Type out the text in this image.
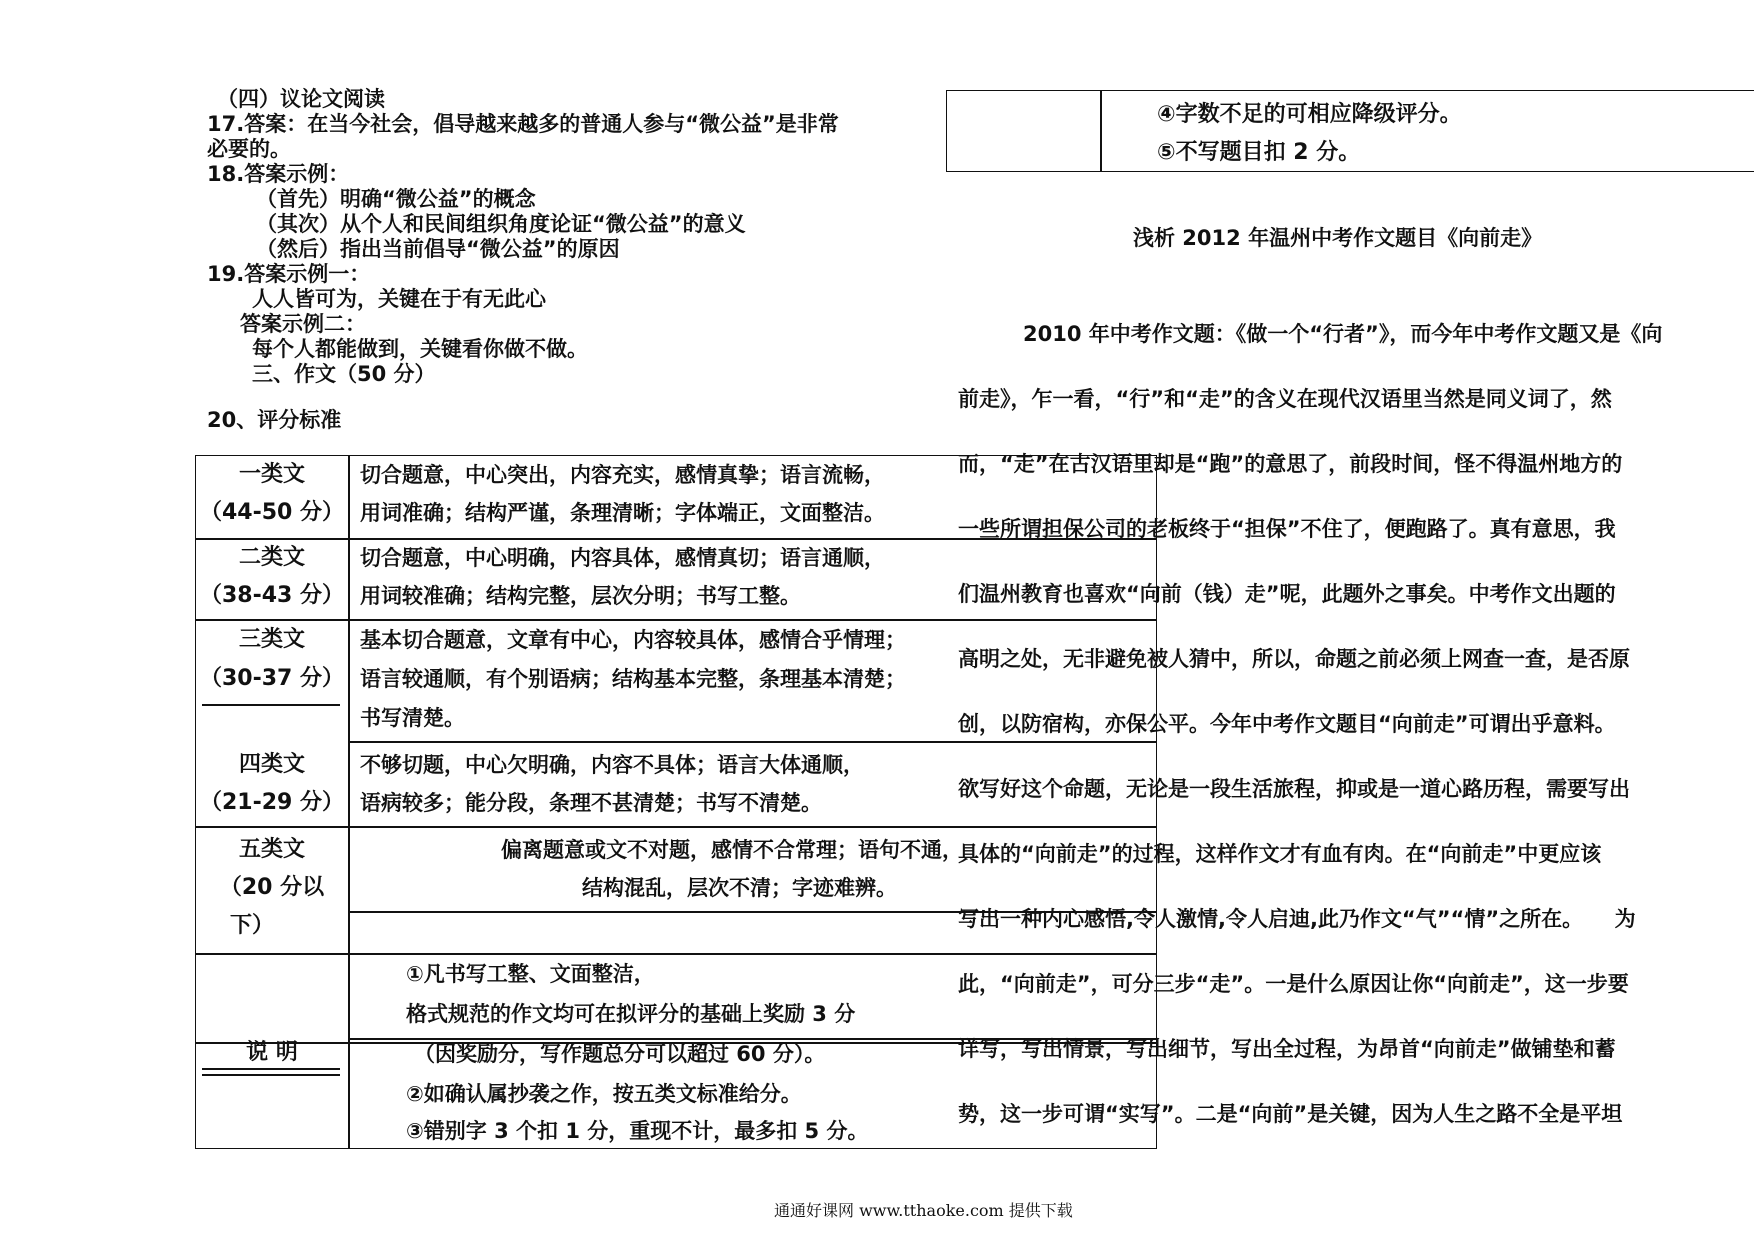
（四）议论文阅读
17.答案：在当今社会，倡导越来越多的普通人参与“微公益”是非常
必要的。
18.答案示例：
（首先）明确“微公益”的概念
（其次）从个人和民间组织角度论证“微公益”的意义
（然后）指出当前倡导“微公益”的原因
19.答案示例一：
人人皆可为，关键在于有无此心
答案示例二：
每个人都能做到，关键看你做不做。
三、作文（50 分）
20、评分标准
一类文
（44-50 分）
切合题意，中心突出，内容充实，感情真挚；语言流畅，
用词准确；结构严谨，条理清晰；字体端正，文面整洁。
二类文
（38-43 分）
切合题意，中心明确，内容具体，感情真切；语言通顺，
用词较准确；结构完整，层次分明；书写工整。
三类文
（30-37 分）
基本切合题意，文章有中心，内容较具体，感情合乎情理；
语言较通顺，有个别语病；结构基本完整，条理基本清楚；
书写清楚。
四类文
（21-29 分）
不够切题，中心欠明确，内容不具体；语言大体通顺，
语病较多；能分段，条理不甚清楚；书写不清楚。
五类文
（20 分以
下）
偏离题意或文不对题，感情不合常理；语句不通，
结构混乱，层次不清；字迹难辨。
说 明
①凡书写工整、文面整洁，
格式规范的作文均可在拟评分的基础上奖励 3 分
（因奖励分，写作题总分可以超过 60 分）。
②如确认属抄袭之作，按五类文标准给分。
③错别字 3 个扣 1 分，重现不计，最多扣 5 分。
④字数不足的可相应降级评分。
⑤不写题目扣 2 分。
浅析 2012 年温州中考作文题目《向前走》
2010 年中考作文题：《做一个“行者”》，而今年中考作文题又是《向
前走》，乍一看，“行”和“走”的含义在现代汉语里当然是同义词了，然
而，“走”在古汉语里却是“跑”的意思了，前段时间，怪不得温州地方的
一些所谓担保公司的老板终于“担保”不住了，便跑路了。真有意思，我
们温州教育也喜欢“向前（钱）走”呢，此题外之事矣。中考作文出题的
高明之处，无非避免被人猜中，所以，命题之前必须上网查一查，是否原
创，以防宿构，亦保公平。今年中考作文题目“向前走”可谓出乎意料。
欲写好这个命题，无论是一段生活旅程，抑或是一道心路历程，需要写出
具体的“向前走”的过程，这样作文才有血有肉。在“向前走”中更应该
写出一种内心感悟,令人激情,令人启迪,此乃作文“气”“情”之所在。　　为
此，“向前走”，可分三步“走”。一是什么原因让你“向前走”，这一步要
详写，写出情景，写出细节，写出全过程，为昂首“向前走”做铺垫和蓄
势，这一步可谓“实写”。二是“向前”是关键，因为人生之路不全是平坦
通通好课网 www.tthaoke.com 提供下载
